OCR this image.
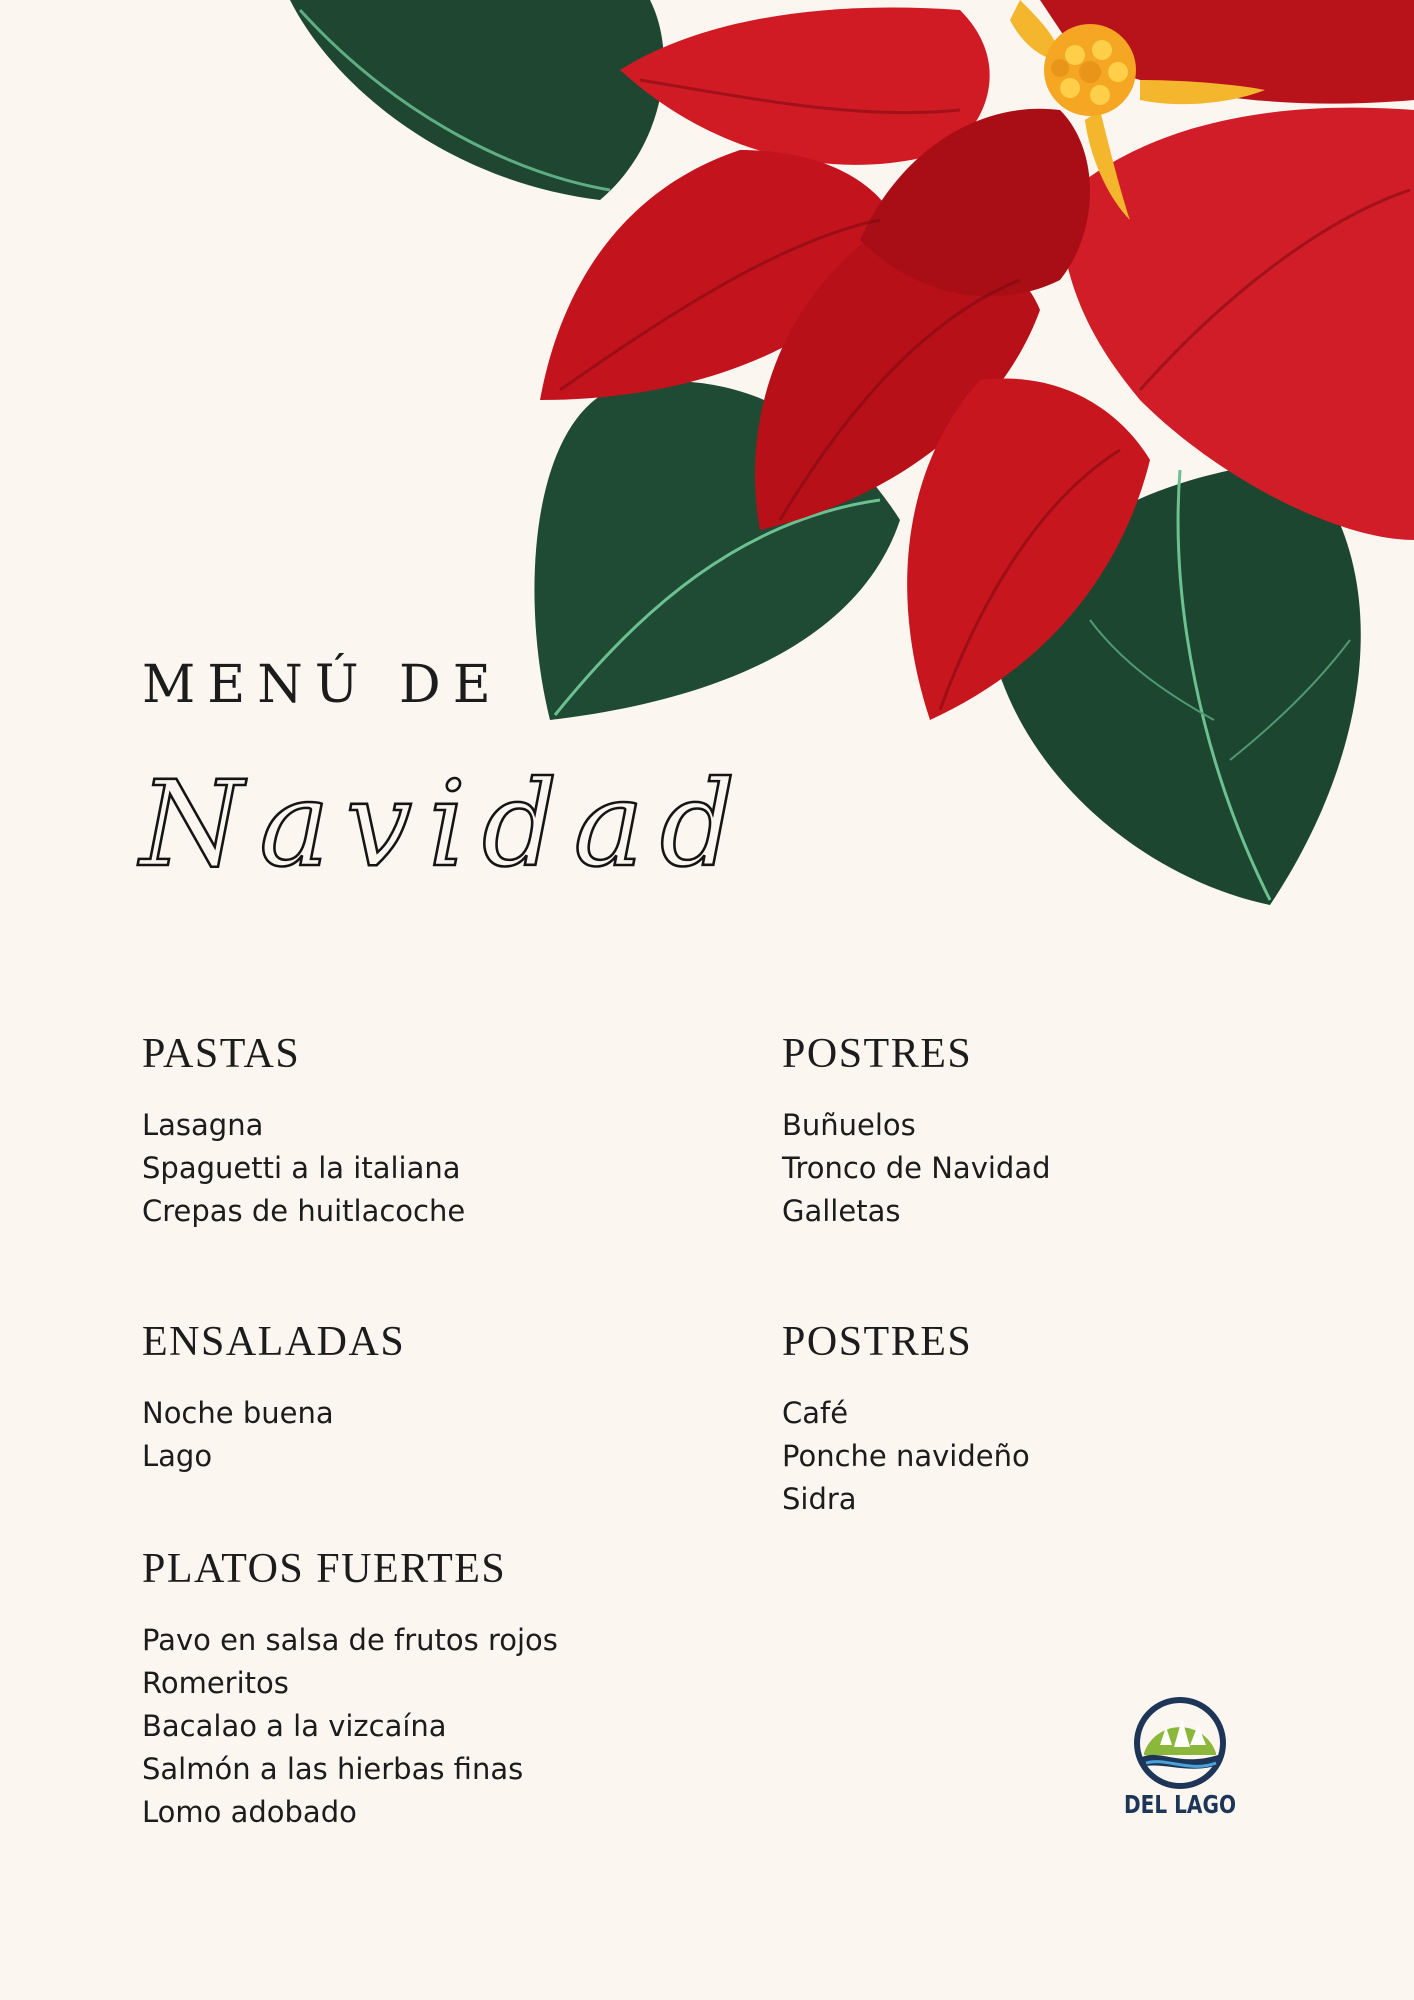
MENÚ DE
Navidad
PASTAS
Lasagna
Spaguetti a la italiana
Crepas de huitlacoche
POSTRES
Buñuelos
Tronco de Navidad
Galletas
ENSALADAS
Noche buena
Lago
POSTRES
Café
Ponche navideño
Sidra
PLATOS FUERTES
Pavo en salsa de frutos rojos
Romeritos
Bacalao a la vizcaína
Salmón a las hierbas finas
Lomo adobado	DEL LAGO
